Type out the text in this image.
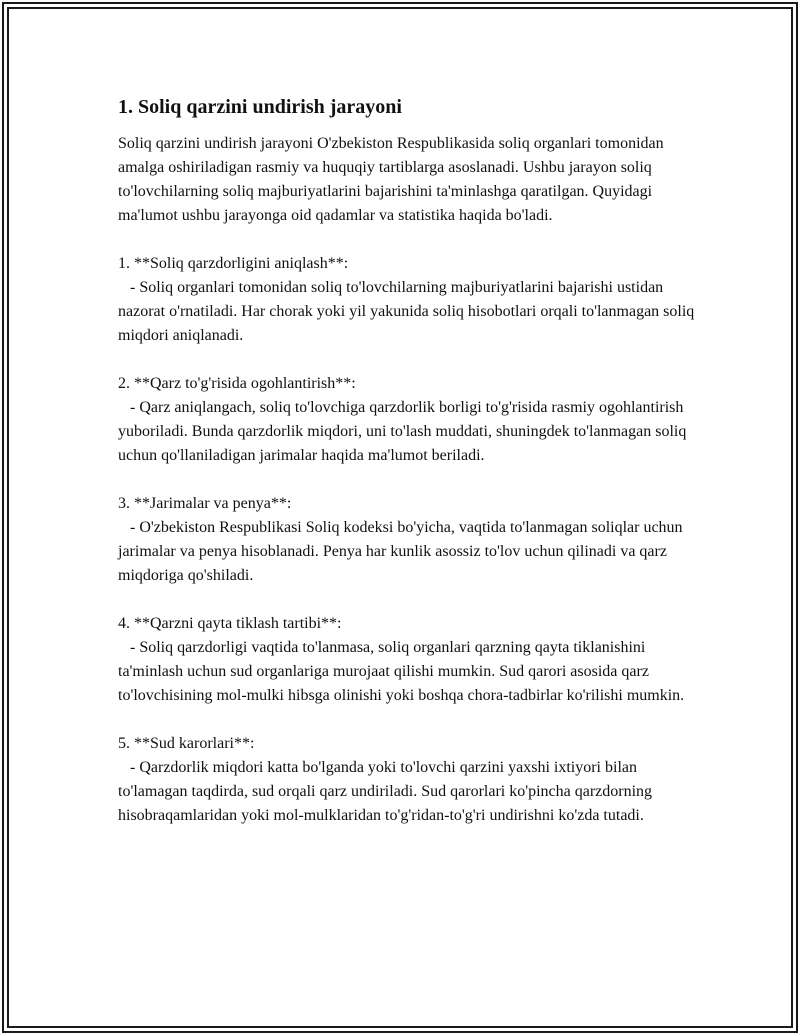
1. Soliq qarzini undirish jarayoni

Soliq qarzini undirish jarayoni O'zbekiston Respublikasida soliq organlari tomonidan amalga oshiriladigan rasmiy va huquqiy tartiblarga asoslanadi. Ushbu jarayon soliq to'lovchilarning soliq majburiyatlarini bajarishini ta'minlashga qaratilgan. Quyidagi ma'lumot ushbu jarayonga oid qadamlar va statistika haqida bo'ladi.

1. **Soliq qarzdorligini aniqlash**:

- Soliq organlari tomonidan soliq to'lovchilarning majburiyatlarini bajarishi ustidan nazorat o'rnatiladi. Har chorak yoki yil yakunida soliq hisobotlari orqali to'lanmagan soliq miqdori aniqlanadi.

2. **Qarz to'g'risida ogohlantirish**:

- Qarz aniqlangach, soliq to'lovchiga qarzdorlik borligi to'g'risida rasmiy ogohlantirish yuboriladi. Bunda qarzdorlik miqdori, uni to'lash muddati, shuningdek to'lanmagan soliq uchun qo'llaniladigan jarimalar haqida ma'lumot beriladi.

3. **Jarimalar va penya**:

- O'zbekiston Respublikasi Soliq kodeksi bo'yicha, vaqtida to'lanmagan soliqlar uchun jarimalar va penya hisoblanadi. Penya har kunlik asossiz to'lov uchun qilinadi va qarz miqdoriga qo'shiladi.

4. **Qarzni qayta tiklash tartibi**:

- Soliq qarzdorligi vaqtida to'lanmasa, soliq organlari qarzning qayta tiklanishini ta'minlash uchun sud organlariga murojaat qilishi mumkin. Sud qarori asosida qarz to'lovchisining mol-mulki hibsga olinishi yoki boshqa chora-tadbirlar ko'rilishi mumkin.

5. **Sud karorlari**:

- Qarzdorlik miqdori katta bo'lganda yoki to'lovchi qarzini yaxshi ixtiyori bilan to'lamagan taqdirda, sud orqali qarz undiriladi. Sud qarorlari ko'pincha qarzdorning hisobraqamlaridan yoki mol-mulklaridan to'g'ridan-to'g'ri undirishni ko'zda tutadi.
